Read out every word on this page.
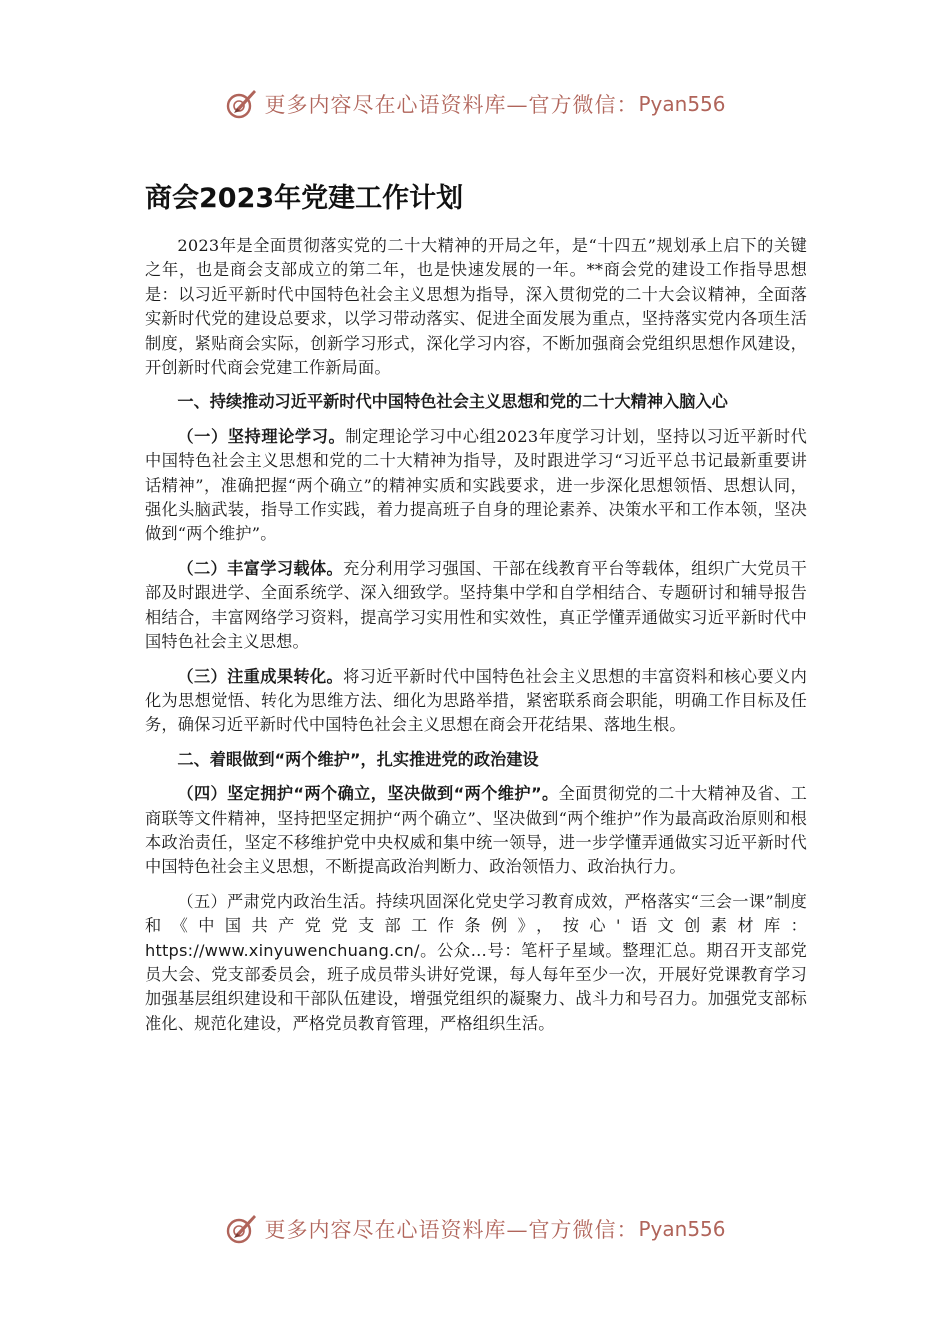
更多内容尽在心语资料库—官方微信： Pyan556
商会2023年党建工作计划

2023年是全面贯彻落实党的二十大精神的开局之年，是“十四五”规划承上启下的关键之年，也是商会支部成立的第二年，也是快速发展的一年。**商会党的建设工作指导思想是：以习近平新时代中国特色社会主义思想为指导，深入贯彻党的二十大会议精神，全面落实新时代党的建设总要求，以学习带动落实、促进全面发展为重点，坚持落实党内各项生活制度，紧贴商会实际，创新学习形式，深化学习内容，不断加强商会党组织思想作风建设，开创新时代商会党建工作新局面。

一、持续推动习近平新时代中国特色社会主义思想和党的二十大精神入脑入心

（一）坚持理论学习。制定理论学习中心组2023年度学习计划，坚持以习近平新时代中国特色社会主义思想和党的二十大精神为指导，及时跟进学习“习近平总书记最新重要讲话精神”，准确把握“两个确立”的精神实质和实践要求，进一步深化思想领悟、思想认同，强化头脑武装，指导工作实践，着力提高班子自身的理论素养、决策水平和工作本领，坚决做到“两个维护”。

（二）丰富学习载体。充分利用学习强国、干部在线教育平台等载体，组织广大党员干部及时跟进学、全面系统学、深入细致学。坚持集中学和自学相结合、专题研讨和辅导报告相结合，丰富网络学习资料，提高学习实用性和实效性，真正学懂弄通做实习近平新时代中国特色社会主义思想。

（三）注重成果转化。将习近平新时代中国特色社会主义思想的丰富资料和核心要义内化为思想觉悟、转化为思维方法、细化为思路举措，紧密联系商会职能，明确工作目标及任务，确保习近平新时代中国特色社会主义思想在商会开花结果、落地生根。

二、着眼做到“两个维护”，扎实推进党的政治建设

（四）坚定拥护“两个确立，坚决做到“两个维护”。全面贯彻党的二十大精神及省、工商联等文件精神，坚持把坚定拥护“两个确立”、坚决做到“两个维护”作为最高政治原则和根本政治责任，坚定不移维护党中央权威和集中统一领导，进一步学懂弄通做实习近平新时代中国特色社会主义思想，不断提高政治判断力、政治领悟力、政治执行力。

（五）严肃党内政治生活。持续巩固深化党史学习教育成效，严格落实“三会一课”制度和《中国共产党党支部工作条例》，按心'语文创素材库：https://www.xinyuwenchuang.cn/。公众…号：笔杆子星域。整理汇总。期召开支部党员大会、党支部委员会，班子成员带头讲好党课，每人每年至少一次，开展好党课教育学习加强基层组织建设和干部队伍建设，增强党组织的凝聚力、战斗力和号召力。加强党支部标准化、规范化建设，严格党员教育管理，严格组织生活。

更多内容尽在心语资料库—官方微信： Pyan556
